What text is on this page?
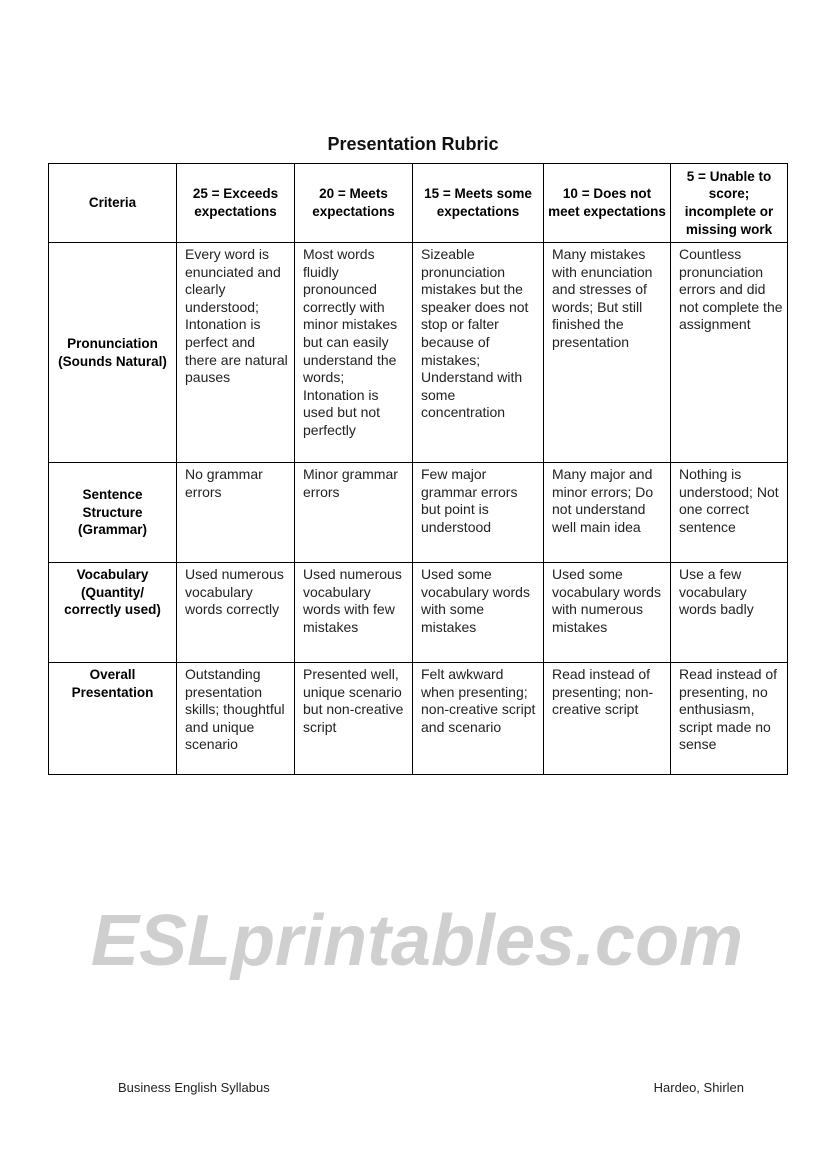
Presentation Rubric
Criteria	25 = Exceeds expectations	20 = Meets expectations	15 = Meets some expectations	10 = Does not meet expectations	5 = Unable to score; incomplete or missing work
Pronunciation (Sounds Natural)	Every word is enunciated and clearly understood; Intonation is perfect and there are natural pauses	Most words fluidly pronounced correctly with minor mistakes but can easily understand the words; Intonation is used but not perfectly	Sizeable pronunciation mistakes but the speaker does not stop or falter because of mistakes; Understand with some concentration	Many mistakes with enunciation and stresses of words; But still finished the presentation	Countless pronunciation errors and did not complete the assignment
Sentence Structure (Grammar)	No grammar errors	Minor grammar errors	Few major grammar errors but point is understood	Many major and minor errors; Do not understand well main idea	Nothing is understood; Not one correct sentence
Vocabulary (Quantity/ correctly used)	Used numerous vocabulary words correctly	Used numerous vocabulary words with few mistakes	Used some vocabulary words with some mistakes	Used some vocabulary words with numerous mistakes	Use a few vocabulary words badly
Overall Presentation	Outstanding presentation skills; thoughtful and unique scenario	Presented well, unique scenario but non-creative script	Felt awkward when presenting; non-creative script and scenario	Read instead of presenting; non-creative script	Read instead of presenting, no enthusiasm, script made no sense
ESLprintables.com
Business English Syllabus	Hardeo, Shirlen
